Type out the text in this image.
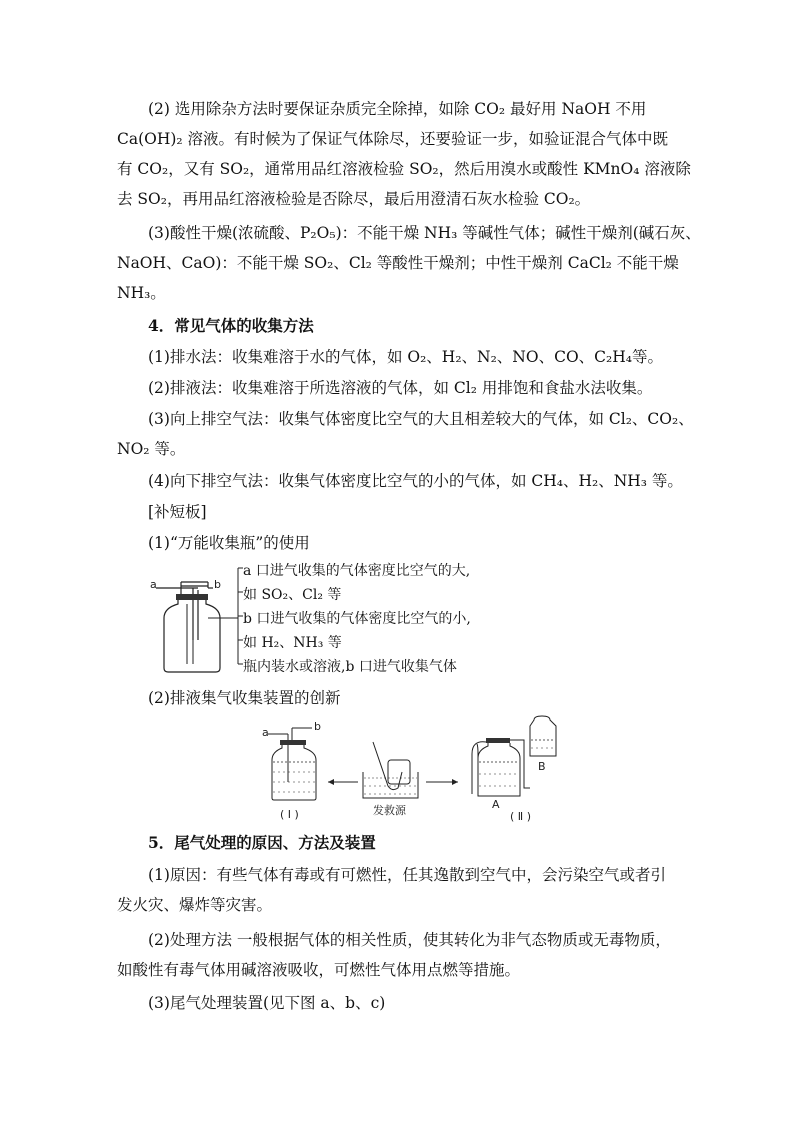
(2) 选用除杂方法时要保证杂质完全除掉，如除 CO₂ 最好用 NaOH 不用
Ca(OH)₂ 溶液。有时候为了保证气体除尽，还要验证一步，如验证混合气体中既
有 CO₂，又有 SO₂，通常用品红溶液检验 SO₂，然后用溴水或酸性 KMnO₄ 溶液除
去 SO₂，再用品红溶液检验是否除尽，最后用澄清石灰水检验 CO₂。
(3)酸性干燥(浓硫酸、P₂O₅)：不能干燥 NH₃ 等碱性气体；碱性干燥剂(碱石灰、
NaOH、CaO)：不能干燥 SO₂、Cl₂ 等酸性干燥剂；中性干燥剂 CaCl₂ 不能干燥
NH₃。
4．常见气体的收集方法
(1)排水法：收集难溶于水的气体，如 O₂、H₂、N₂、NO、CO、C₂H₄等。
(2)排液法：收集难溶于所选溶液的气体，如 Cl₂ 用排饱和食盐水法收集。
(3)向上排空气法：收集气体密度比空气的大且相差较大的气体，如 Cl₂、CO₂、
NO₂ 等。
(4)向下排空气法：收集气体密度比空气的小的气体，如 CH₄、H₂、NH₃ 等。
[补短板]
(1)“万能收集瓶”的使用
a	b
a 口进气收集的气体密度比空气的大,
如 SO₂、Cl₂ 等
b 口进气收集的气体密度比空气的小,
如 H₂、NH₃ 等
瓶内装水或溶液,b 口进气收集气体
(2)排液集气收集装置的创新
a	b
( Ⅰ )	发救源	A
B
( Ⅱ )
5．尾气处理的原因、方法及装置
(1)原因：有些气体有毒或有可燃性，任其逸散到空气中，会污染空气或者引
发火灾、爆炸等灾害。
(2)处理方法 一般根据气体的相关性质，使其转化为非气态物质或无毒物质，
如酸性有毒气体用碱溶液吸收，可燃性气体用点燃等措施。
(3)尾气处理装置(见下图 a、b、c)
